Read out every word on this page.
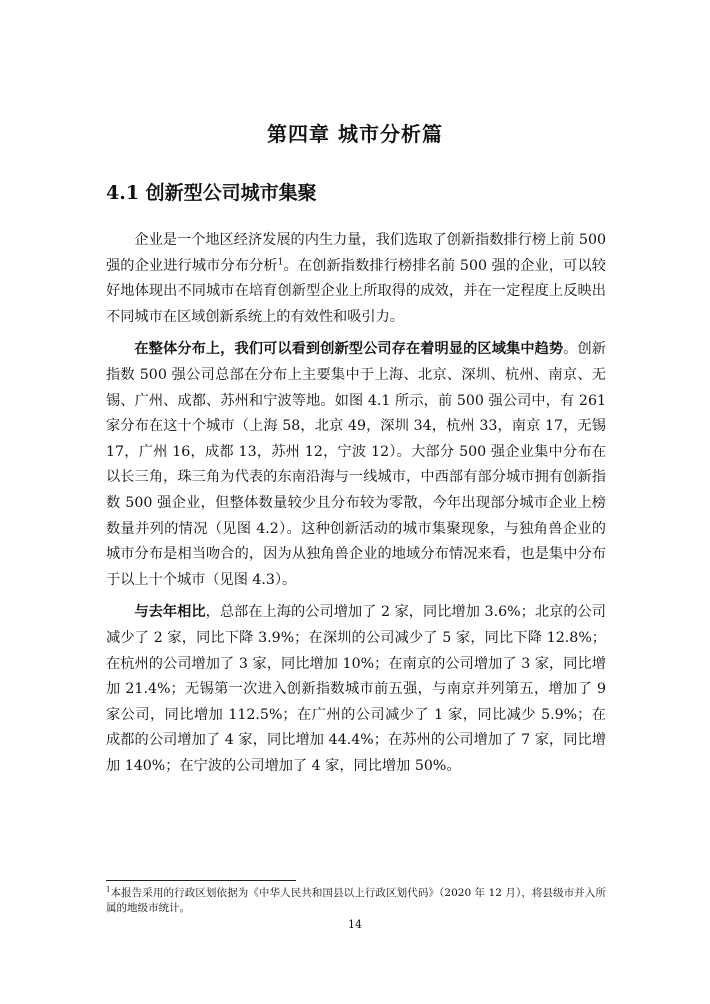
第四章 城市分析篇
4.1 创新型公司城市集聚

企业是一个地区经济发展的内生力量，我们选取了创新指数排行榜上前 500 强的企业进行城市分布分析$^1$。在创新指数排行榜排名前 500 强的企业，可以较好地体现出不同城市在培育创新型企业上所取得的成效，并在一定程度上反映出不同城市在区域创新系统上的有效性和吸引力。

在整体分布上，我们可以看到创新型公司存在着明显的区域集中趋势。创新指数 500 强公司总部在分布上主要集中于上海、北京、深圳、杭州、南京、无锡、广州、成都、苏州和宁波等地。如图 4.1 所示，前 500 强公司中，有 261 家分布在这十个城市（上海 58，北京 49，深圳 34，杭州 33，南京 17，无锡 17，广州 16，成都 13，苏州 12，宁波 12）。大部分 500 强企业集中分布在以长三角，珠三角为代表的东南沿海与一线城市，中西部有部分城市拥有创新指数 500 强企业，但整体数量较少且分布较为零散，今年出现部分城市企业上榜数量并列的情况（见图 4.2）。这种创新活动的城市集聚现象，与独角兽企业的城市分布是相当吻合的，因为从独角兽企业的地域分布情况来看，也是集中分布于以上十个城市（见图 4.3）。

与去年相比，总部在上海的公司增加了 2 家，同比增加 3.6%；北京的公司减少了 2 家，同比下降 3.9%；在深圳的公司减少了 5 家，同比下降 12.8%；在杭州的公司增加了 3 家，同比增加 10%；在南京的公司增加了 3 家，同比增加 21.4%；无锡第一次进入创新指数城市前五强，与南京并列第五，增加了 9 家公司，同比增加 112.5%；在广州的公司减少了 1 家，同比减少 5.9%；在成都的公司增加了 4 家，同比增加 44.4%；在苏州的公司增加了 7 家，同比增加 140%；在宁波的公司增加了 4 家，同比增加 50%。

$^1$本报告采用的行政区划依据为《中华人民共和国县以上行政区划代码》（2020 年 12 月），将县级市并入所属的地级市统计。
14
